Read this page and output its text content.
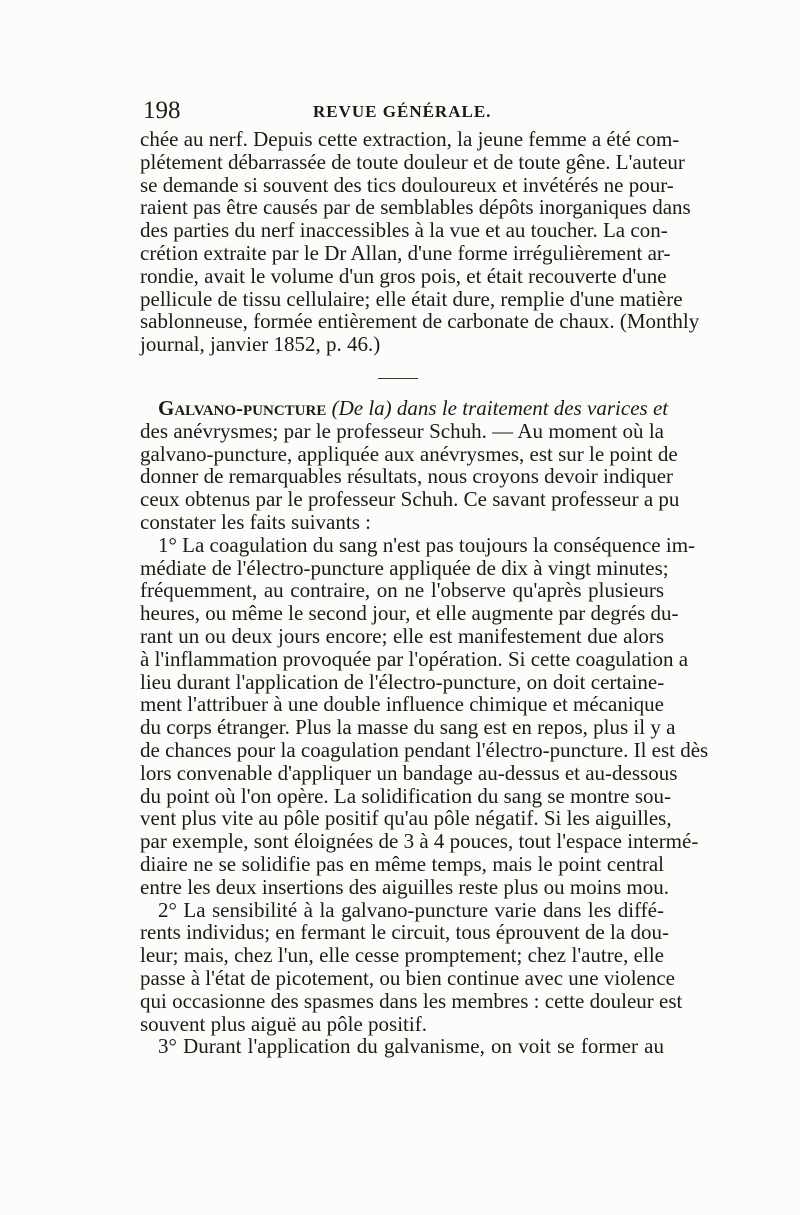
198	REVUE GÉNÉRALE.
chée au nerf. Depuis cette extraction, la jeune femme a été com-
plétement débarrassée de toute douleur et de toute gêne. L'auteur
se demande si souvent des tics douloureux et invétérés ne pour-
raient pas être causés par de semblables dépôts inorganiques dans
des parties du nerf inaccessibles à la vue et au toucher. La con-
crétion extraite par le Dr Allan, d'une forme irrégulièrement ar-
rondie, avait le volume d'un gros pois, et était recouverte d'une
pellicule de tissu cellulaire; elle était dure, remplie d'une matière
sablonneuse, formée entièrement de carbonate de chaux. (Monthly
journal, janvier 1852, p. 46.)
Galvano-puncture (De la) dans le traitement des varices et
des anévrysmes; par le professeur Schuh. — Au moment où la
galvano-puncture, appliquée aux anévrysmes, est sur le point de
donner de remarquables résultats, nous croyons devoir indiquer
ceux obtenus par le professeur Schuh. Ce savant professeur a pu
constater les faits suivants :
1° La coagulation du sang n'est pas toujours la conséquence im-
médiate de l'électro-puncture appliquée de dix à vingt minutes;
fréquemment, au contraire, on ne l'observe qu'après plusieurs
heures, ou même le second jour, et elle augmente par degrés du-
rant un ou deux jours encore; elle est manifestement due alors
à l'inflammation provoquée par l'opération. Si cette coagulation a
lieu durant l'application de l'électro-puncture, on doit certaine-
ment l'attribuer à une double influence chimique et mécanique
du corps étranger. Plus la masse du sang est en repos, plus il y a
de chances pour la coagulation pendant l'électro-puncture. Il est dès
lors convenable d'appliquer un bandage au-dessus et au-dessous
du point où l'on opère. La solidification du sang se montre sou-
vent plus vite au pôle positif qu'au pôle négatif. Si les aiguilles,
par exemple, sont éloignées de 3 à 4 pouces, tout l'espace intermé-
diaire ne se solidifie pas en même temps, mais le point central
entre les deux insertions des aiguilles reste plus ou moins mou.
2° La sensibilité à la galvano-puncture varie dans les diffé-
rents individus; en fermant le circuit, tous éprouvent de la dou-
leur; mais, chez l'un, elle cesse promptement; chez l'autre, elle
passe à l'état de picotement, ou bien continue avec une violence
qui occasionne des spasmes dans les membres : cette douleur est
souvent plus aiguë au pôle positif.
3° Durant l'application du galvanisme, on voit se former au
